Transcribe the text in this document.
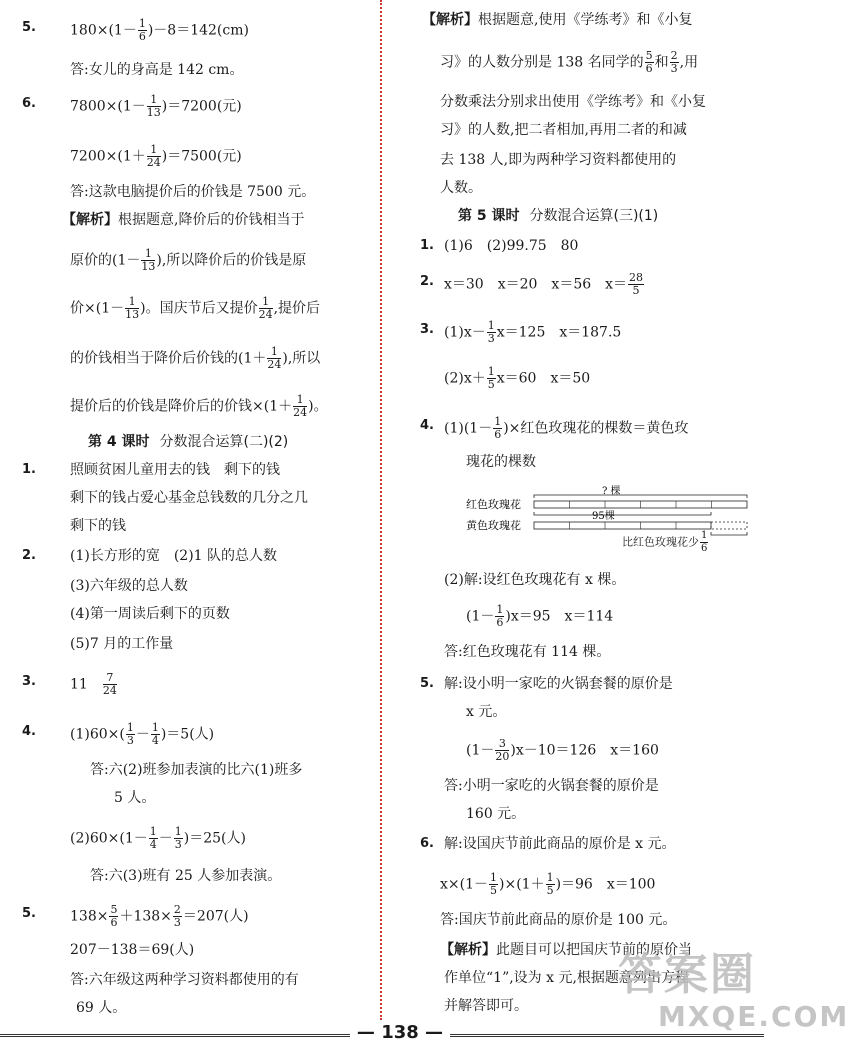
5. $180\times(1- \frac{1}{6} )-8=142(cm)$
答:女儿的身高是 142 cm。
6. $7800\times(1- \frac{1}{13} )=7200$(元)
$7200\times(1+ \frac{1}{24} )=7500$(元)
答:这款电脑提价后的价钱是 7500 元。
【解析】根据题意,降价后的价钱相当于
原价的($1- \frac{1}{13}$ ),所以降价后的价钱是原
价$\times(1- \frac{1}{13}$ )。国庆节后又提价 $\frac{1}{24}$ ,提价后
的价钱相当于降价后价钱的($1+ \frac{1}{24}$ ),所以
提价后的价钱是降价后的价钱$\times(1+ \frac{1}{24}$ )。
第 4 课时 分数混合运算(二)(2)
1. 照顾贫困儿童用去的钱　剩下的钱
剩下的钱占爱心基金总钱数的几分之几
剩下的钱
2. (1)长方形的宽　(2)1 队的总人数
(3)六年级的总人数
(4)第一周读后剩下的页数
(5)7 月的工作量
3. 11　 $\frac{7}{24}$
4. $(1)60\times( \frac{1}{3} - \frac{1}{4} )=5$(人)
答:六(2)班参加表演的比六(1)班多
5 人。
$(2)60\times(1- \frac{1}{4} - \frac{1}{3} )=25$(人)
答:六(3)班有 25 人参加表演。
5. $138\times \frac{5}{6} +138\times \frac{2}{3} =207$(人)
207－138＝69(人)
答:六年级这两种学习资料都使用的有
69 人。
【解析】根据题意,使用《学练考》和《小复
习》的人数分别是 138 名同学的 $\frac{5}{6}$ 和 $\frac{2}{3}$ ,用
分数乘法分别求出使用《学练考》和《小复
习》的人数,把二者相加,再用二者的和减
去 138 人,即为两种学习资料都使用的
人数。
第 5 课时 分数混合运算(三)(1)
1. (1)6　(2)99.75　80
2. x＝30　x＝20　x＝56　$x= \frac{28}{5}$
3. $(1)x- \frac{1}{3} x=125$　x＝187.5
$(2)x+ \frac{1}{5} x=60$　x＝50
4. $(1)(1- \frac{1}{6}$ )×红色玫瑰花的棵数＝黄色玫
瑰花的棵数
红色玫瑰花
黄色玫瑰花
? 棵
95棵
比红色玫瑰花少 $\frac{1}{6}$
(2)解:设红色玫瑰花有 x 棵。
$(1- \frac{1}{6} )x=95$　x＝114
答:红色玫瑰花有 114 棵。
5. 解:设小明一家吃的火锅套餐的原价是
x 元。
$(1- \frac{3}{20} )x-10=126$　x＝160
答:小明一家吃的火锅套餐的原价是
160 元。
6. 解:设国庆节前此商品的原价是 x 元。
$x\times(1- \frac{1}{5} )\times(1+ \frac{1}{5} )=96$　x＝100
答:国庆节前此商品的原价是 100 元。
【解析】此题目可以把国庆节前的原价当
作单位“1”,设为 x 元,根据题意列出方程
并解答即可。
答案圈
MXQE.COM
— 138 —
